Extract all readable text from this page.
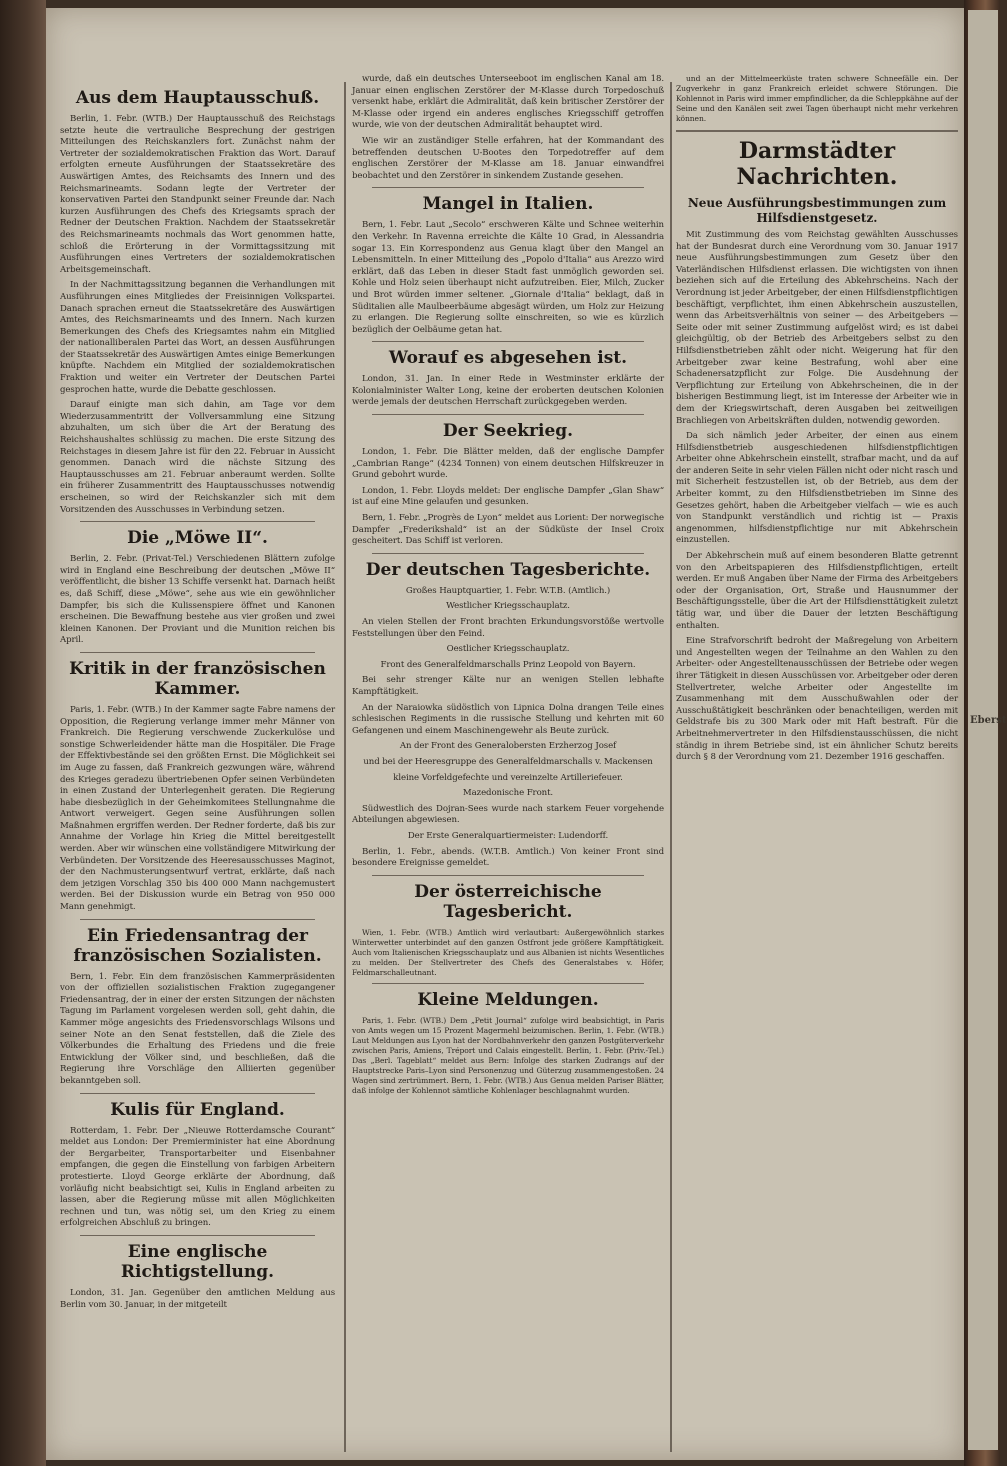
Aus dem Hauptausschuß.

Berlin, 1. Febr. (WTB.) Der Hauptausschuß des Reichstags setzte heute die vertrauliche Besprechung der gestrigen Mitteilungen des Reichskanzlers fort. Zunächst nahm der Vertreter der sozialdemokratischen Fraktion das Wort. Darauf erfolgten erneute Ausführungen der Staatssekretäre des Auswärtigen Amtes, des Reichsamts des Innern und des Reichsmarineamts. Sodann legte der Vertreter der konservativen Partei den Standpunkt seiner Freunde dar. Nach kurzen Ausführungen des Chefs des Kriegsamts sprach der Redner der Deutschen Fraktion. Nachdem der Staatssekretär des Reichsmarineamts nochmals das Wort genommen hatte, schloß die Erörterung in der Vormittagssitzung mit Ausführungen eines Vertreters der sozialdemokratischen Arbeitsgemeinschaft.

In der Nachmittagssitzung begannen die Verhandlungen mit Ausführungen eines Mitgliedes der Freisinnigen Volkspartei. Danach sprachen erneut die Staatssekretäre des Auswärtigen Amtes, des Reichsmarineamts und des Innern. Nach kurzen Bemerkungen des Chefs des Kriegsamtes nahm ein Mitglied der nationalliberalen Partei das Wort, an dessen Ausführungen der Staatssekretär des Auswärtigen Amtes einige Bemerkungen knüpfte. Nachdem ein Mitglied der sozialdemokratischen Fraktion und weiter ein Vertreter der Deutschen Partei gesprochen hatte, wurde die Debatte geschlossen.

Darauf einigte man sich dahin, am Tage vor dem Wiederzusammentritt der Vollversammlung eine Sitzung abzuhalten, um sich über die Art der Beratung des Reichshaushaltes schlüssig zu machen. Die erste Sitzung des Reichstages in diesem Jahre ist für den 22. Februar in Aussicht genommen. Danach wird die nächste Sitzung des Hauptausschusses am 21. Februar anberaumt werden. Sollte ein früherer Zusammentritt des Hauptausschusses notwendig erscheinen, so wird der Reichskanzler sich mit dem Vorsitzenden des Ausschusses in Verbindung setzen.

Die „Möwe II“.

Berlin, 2. Febr. (Privat-Tel.) Verschiedenen Blättern zufolge wird in England eine Beschreibung der deutschen „Möwe II“ veröffentlicht, die bisher 13 Schiffe versenkt hat. Darnach heißt es, daß Schiff, diese „Möwe“, sehe aus wie ein gewöhnlicher Dampfer, bis sich die Kulissenspiere öffnet und Kanonen erscheinen. Die Bewaffnung bestehe aus vier großen und zwei kleinen Kanonen. Der Proviant und die Munition reichen bis April.

Kritik in der französischen Kammer.

Paris, 1. Febr. (WTB.) In der Kammer sagte Fabre namens der Opposition, die Regierung verlange immer mehr Männer von Frankreich. Die Regierung verschwende Zuckerkulöse und sonstige Schwerleidender hätte man die Hospitäler. Die Frage der Effektivbestände sei den größten Ernst. Die Möglichkeit sei im Auge zu fassen, daß Frankreich gezwungen wäre, während des Krieges geradezu übertriebenen Opfer seinen Verbündeten in einen Zustand der Unterlegenheit geraten. Die Regierung habe diesbezüglich in der Geheimkomitees Stellungnahme die Antwort verweigert. Gegen seine Ausführungen sollen Maßnahmen ergriffen werden. Der Redner forderte, daß bis zur Annahme der Vorlage hin Krieg die Mittel bereitgestellt werden. Aber wir wünschen eine vollständigere Mitwirkung der Verbündeten. Der Vorsitzende des Heeresausschusses Maginot, der den Nachmusterungsentwurf vertrat, erklärte, daß nach dem jetzigen Vorschlag 350 bis 400 000 Mann nachgemustert werden. Bei der Diskussion wurde ein Betrag von 950 000 Mann genehmigt.

Ein Friedensantrag der französischen Sozialisten.

Bern, 1. Febr. Ein dem französischen Kammerpräsidenten von der offiziellen sozialistischen Fraktion zugegangener Friedensantrag, der in einer der ersten Sitzungen der nächsten Tagung im Parlament vorgelesen werden soll, geht dahin, die Kammer möge angesichts des Friedensvorschlags Wilsons und seiner Note an den Senat feststellen, daß die Ziele des Völkerbundes die Erhaltung des Friedens und die freie Entwicklung der Völker sind, und beschließen, daß die Regierung ihre Vorschläge den Alliierten gegenüber bekanntgeben soll.

Kulis für England.

Rotterdam, 1. Febr. Der „Nieuwe Rotterdamsche Courant“ meldet aus London: Der Premierminister hat eine Abordnung der Bergarbeiter, Transportarbeiter und Eisenbahner empfangen, die gegen die Einstellung von farbigen Arbeitern protestierte. Lloyd George erklärte der Abordnung, daß vorläufig nicht beabsichtigt sei, Kulis in England arbeiten zu lassen, aber die Regierung müsse mit allen Möglichkeiten rechnen und tun, was nötig sei, um den Krieg zu einem erfolgreichen Abschluß zu bringen.

Eine englische Richtigstellung.

London, 31. Jan. Gegenüber den amtlichen Meldung aus Berlin vom 30. Januar, in der mitgeteilt

wurde, daß ein deutsches Unterseeboot im englischen Kanal am 18. Januar einen englischen Zerstörer der M-Klasse durch Torpedoschuß versenkt habe, erklärt die Admiralität, daß kein britischer Zerstörer der M-Klasse oder irgend ein anderes englisches Kriegsschiff getroffen wurde, wie von der deutschen Admiralität behauptet wird.

Wie wir an zuständiger Stelle erfahren, hat der Kommandant des betreffenden deutschen U-Bootes den Torpedotreffer auf dem englischen Zerstörer der M-Klasse am 18. Januar einwandfrei beobachtet und den Zerstörer in sinkendem Zustande gesehen.

Mangel in Italien.

Bern, 1. Febr. Laut „Secolo“ erschweren Kälte und Schnee weiterhin den Verkehr. In Ravenna erreichte die Kälte 10 Grad, in Alessandria sogar 13. Ein Korrespondenz aus Genua klagt über den Mangel an Lebensmitteln. In einer Mitteilung des „Popolo d'Italia“ aus Arezzo wird erklärt, daß das Leben in dieser Stadt fast unmöglich geworden sei. Kohle und Holz seien überhaupt nicht aufzutreiben. Eier, Milch, Zucker und Brot würden immer seltener. „Giornale d'Italia“ beklagt, daß in Süditalien alle Maulbeerbäume abgesägt würden, um Holz zur Heizung zu erlangen. Die Regierung sollte einschreiten, so wie es kürzlich bezüglich der Oelbäume getan hat.

Worauf es abgesehen ist.

London, 31. Jan. In einer Rede in Westminster erklärte der Kolonialminister Walter Long, keine der eroberten deutschen Kolonien werde jemals der deutschen Herrschaft zurückgegeben werden.

Der Seekrieg.

London, 1. Febr. Die Blätter melden, daß der englische Dampfer „Cambrian Range“ (4234 Tonnen) von einem deutschen Hilfskreuzer in Grund gebohrt wurde.

London, 1. Febr. Lloyds meldet: Der englische Dampfer „Glan Shaw“ ist auf eine Mine gelaufen und gesunken.

Bern, 1. Febr. „Progrès de Lyon“ meldet aus Lorient: Der norwegische Dampfer „Frederikshald“ ist an der Südküste der Insel Croix gescheitert. Das Schiff ist verloren.

Der deutschen Tagesberichte.

Großes Hauptquartier, 1. Febr. W.T.B. (Amtlich.)

Westlicher Kriegsschauplatz.

An vielen Stellen der Front brachten Erkundungsvorstöße wertvolle Feststellungen über den Feind.

Oestlicher Kriegsschauplatz.

Front des Generalfeldmarschalls Prinz Leopold von Bayern.

Bei sehr strenger Kälte nur an wenigen Stellen lebhafte Kampftätigkeit.

An der Naraiowka südöstlich von Lipnica Dolna drangen Teile eines schlesischen Regiments in die russische Stellung und kehrten mit 60 Gefangenen und einem Maschinengewehr als Beute zurück.

An der Front des Generalobersten Erzherzog Josef

und bei der Heeresgruppe des Generalfeldmarschalls v. Mackensen

kleine Vorfeldgefechte und vereinzelte Artilleriefeuer.

Mazedonische Front.

Südwestlich des Dojran-Sees wurde nach starkem Feuer vorgehende Abteilungen abgewiesen.

Der Erste Generalquartiermeister: Ludendorff.

Berlin, 1. Febr., abends. (W.T.B. Amtlich.) Von keiner Front sind besondere Ereignisse gemeldet.

Der österreichische Tagesbericht.

Wien, 1. Febr. (WTB.) Amtlich wird verlautbart: Außergewöhnlich starkes Winterwetter unterbindet auf den ganzen Ostfront jede größere Kampftätigkeit. Auch vom Italienischen Kriegsschauplatz und aus Albanien ist nichts Wesentliches zu melden. Der Stellvertreter des Chefs des Generalstabes v. Höfer, Feldmarschalleutnant.

Kleine Meldungen.

Paris, 1. Febr. (WTB.) Dem „Petit Journal“ zufolge wird beabsichtigt, in Paris von Amts wegen um 15 Prozent Magermehl beizumischen. Berlin, 1. Febr. (WTB.) Laut Meldungen aus Lyon hat der Nordbahnverkehr den ganzen Postgüterverkehr zwischen Paris, Amiens, Tréport und Calais eingestellt. Berlin, 1. Febr. (Priv.-Tel.) Das „Berl. Tageblatt“ meldet aus Bern: Infolge des starken Zudrangs auf der Hauptstrecke Paris–Lyon sind Personenzug und Güterzug zusammengestoßen. 24 Wagen sind zertrümmert. Bern, 1. Febr. (WTB.) Aus Genua melden Pariser Blätter, daß infolge der Kohlennot sämtliche Kohlenlager beschlagnahmt wurden.

und an der Mittelmeerküste traten schwere Schneefälle ein. Der Zugverkehr in ganz Frankreich erleidet schwere Störungen. Die Kohlennot in Paris wird immer empfindlicher, da die Schleppkähne auf der Seine und den Kanälen seit zwei Tagen überhaupt nicht mehr verkehren können.

Darmstädter Nachrichten.
Neue Ausführungsbestimmungen zum Hilfsdienstgesetz.

Mit Zustimmung des vom Reichstag gewählten Ausschusses hat der Bundesrat durch eine Verordnung vom 30. Januar 1917 neue Ausführungsbestimmungen zum Gesetz über den Vaterländischen Hilfsdienst erlassen. Die wichtigsten von ihnen beziehen sich auf die Erteilung des Abkehrscheins. Nach der Verordnung ist jeder Arbeitgeber, der einen Hilfsdienstpflichtigen beschäftigt, verpflichtet, ihm einen Abkehrschein auszustellen, wenn das Arbeitsverhältnis von seiner — des Arbeitgebers — Seite oder mit seiner Zustimmung aufgelöst wird; es ist dabei gleichgültig, ob der Betrieb des Arbeitgebers selbst zu den Hilfsdienstbetrieben zählt oder nicht. Weigerung hat für den Arbeitgeber zwar keine Bestrafung, wohl aber eine Schadenersatzpflicht zur Folge. Die Ausdehnung der Verpflichtung zur Erteilung von Abkehrscheinen, die in der bisherigen Bestimmung liegt, ist im Interesse der Arbeiter wie in dem der Kriegswirtschaft, deren Ausgaben bei zeitweiligen Brachliegen von Arbeitskräften dulden, notwendig geworden.

Da sich nämlich jeder Arbeiter, der einen aus einem Hilfsdienstbetrieb ausgeschiedenen hilfsdienstpflichtigen Arbeiter ohne Abkehrschein einstellt, strafbar macht, und da auf der anderen Seite in sehr vielen Fällen nicht oder nicht rasch und mit Sicherheit festzustellen ist, ob der Betrieb, aus dem der Arbeiter kommt, zu den Hilfsdienstbetrieben im Sinne des Gesetzes gehört, haben die Arbeitgeber vielfach — wie es auch von Standpunkt verständlich und richtig ist — Praxis angenommen, hilfsdienstpflichtige nur mit Abkehrschein einzustellen.

Der Abkehrschein muß auf einem besonderen Blatte getrennt von den Arbeitspapieren des Hilfsdienstpflichtigen, erteilt werden. Er muß Angaben über Name der Firma des Arbeitgebers oder der Organisation, Ort, Straße und Hausnummer der Beschäftigungsstelle, über die Art der Hilfsdiensttätigkeit zuletzt tätig war, und über die Dauer der letzten Beschäftigung enthalten.

Eine Strafvorschrift bedroht der Maßregelung von Arbeitern und Angestellten wegen der Teilnahme an den Wahlen zu den Arbeiter- oder Angestelltenausschüssen der Betriebe oder wegen ihrer Tätigkeit in diesen Ausschüssen vor. Arbeitgeber oder deren Stellvertreter, welche Arbeiter oder Angestellte im Zusammenhang mit dem Ausschußwahlen oder der Ausschußtätigkeit beschränken oder benachteiligen, werden mit Geldstrafe bis zu 300 Mark oder mit Haft bestraft. Für die Arbeitnehmervertreter in den Hilfsdienstausschüssen, die nicht ständig in ihrem Betriebe sind, ist ein ähnlicher Schutz bereits durch § 8 der Verordnung vom 21. Dezember 1916 geschaffen.

Eberst
